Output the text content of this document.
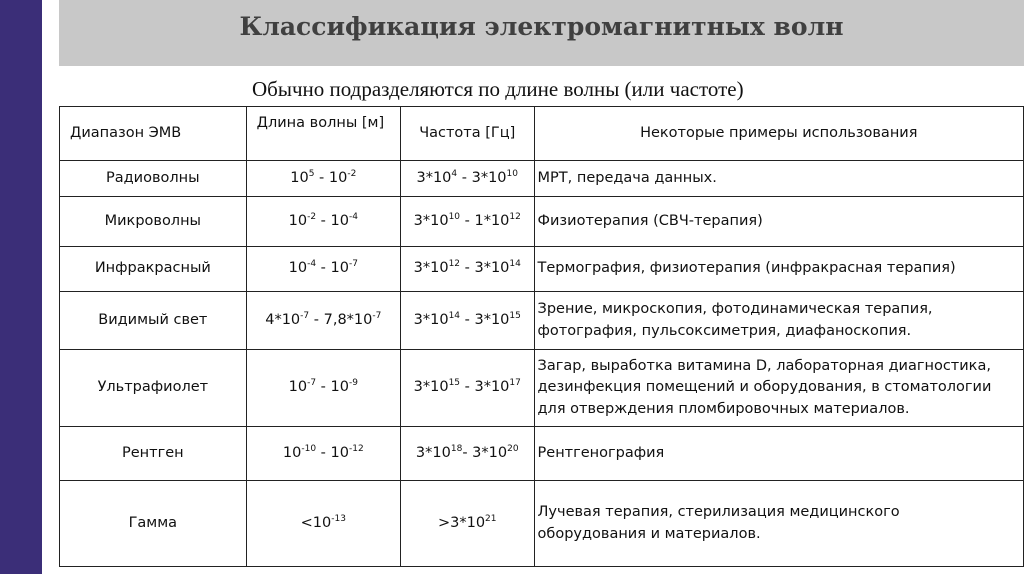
Классификация электромагнитных волн
Обычно подразделяются по длине волны (или частоте)
Диапазон ЭМВ	Длина волны [м]	Частота [Гц]	Некоторые примеры использования
Радиоволны	$10^5 - 10^{-2}$	$3*10^4 - 3*10^{10}$	МРТ, передача данных.
Микроволны	$10^{-2} - 10^{-4}$	$3*10^{10} - 1*10^{12}$	Физиотерапия (СВЧ-терапия)
Инфракрасный	$10^{-4} - 10^{-7}$	$3*10^{12} - 3*10^{14}$	Термография, физиотерапия (инфракрасная терапия)
Видимый свет	$4*10^{-7} - 7,8*10^{-7}$	$3*10^{14} - 3*10^{15}$	Зрение, микроскопия, фотодинамическая терапия,
фотография, пульсоксиметрия, диафаноскопия.

Ультрафиолет	$10^{-7} - 10^{-9}$	$3*10^{15} - 3*10^{17}$	Загар, выработка витамина D, лабораторная диагностика,
дезинфекция помещений и оборудования, в стоматологии
для отверждения пломбировочных материалов.

Рентген	$10^{-10} - 10^{-12}$	$3*10^{18}-$ $3*10^{20}$	Рентгенография
Гамма	$<10^{-13}$	$>3*10^{21}$	Лучевая терапия, стерилизация медицинского
оборудования и материалов.
